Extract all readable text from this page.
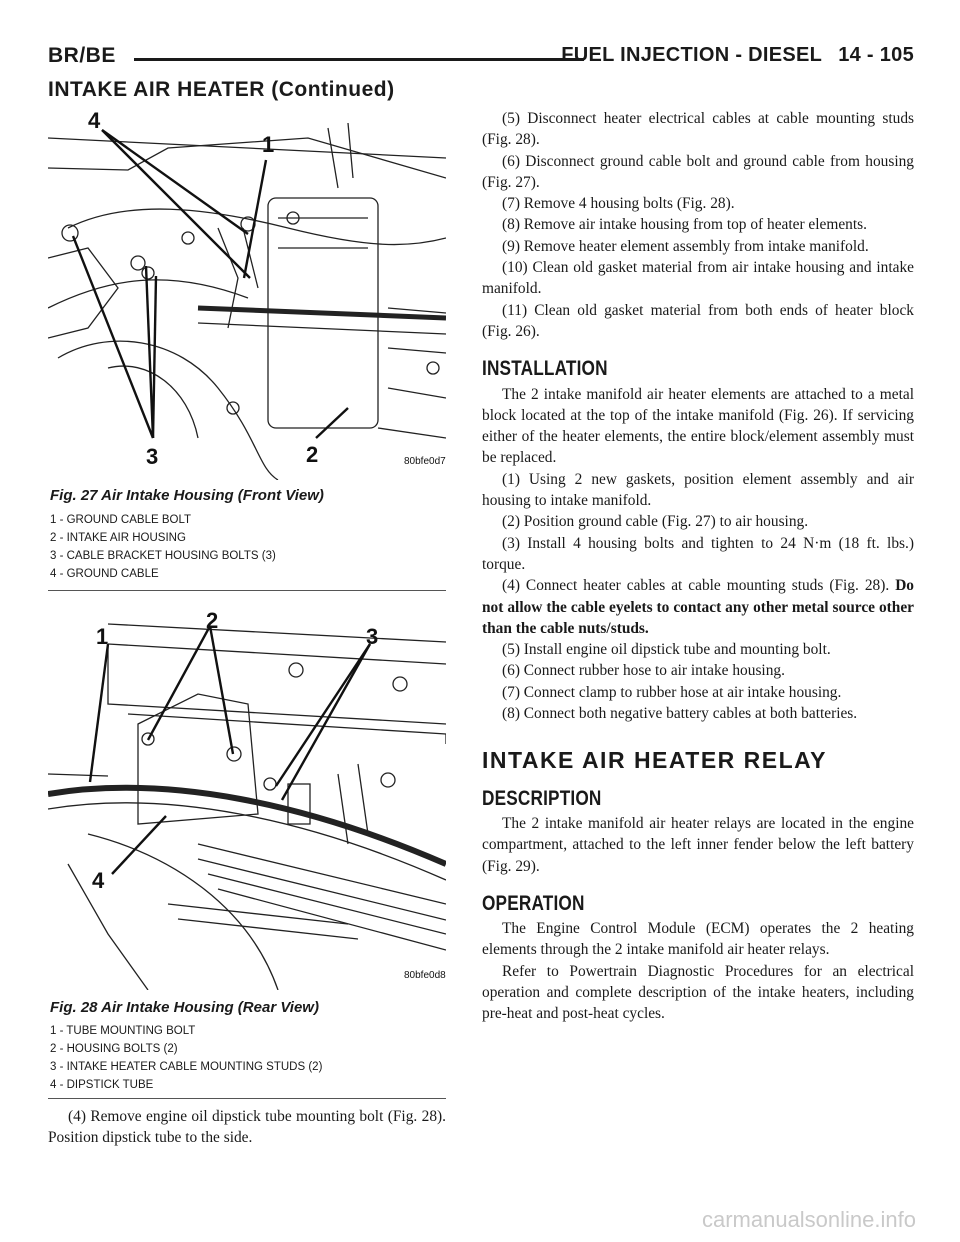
BR/BE	FUEL INJECTION - DIESEL 14 - 105
INTAKE AIR HEATER (Continued)
4
1
3	2	80bfe0d7
Fig. 27 Air Intake Housing (Front View)
1 - GROUND CABLE BOLT
2 - INTAKE AIR HOUSING
3 - CABLE BRACKET HOUSING BOLTS (3)
4 - GROUND CABLE
1
2
3
4
80bfe0d8
Fig. 28 Air Intake Housing (Rear View)
1 - TUBE MOUNTING BOLT
2 - HOUSING BOLTS (2)
3 - INTAKE HEATER CABLE MOUNTING STUDS (2)
4 - DIPSTICK TUBE

(4) Remove engine oil dipstick tube mounting bolt (Fig. 28). Position dipstick tube to the side.

(5) Disconnect heater electrical cables at cable mounting studs (Fig. 28).

(6) Disconnect ground cable bolt and ground cable from housing (Fig. 27).

(7) Remove 4 housing bolts (Fig. 28).

(8) Remove air intake housing from top of heater elements.

(9) Remove heater element assembly from intake manifold.

(10) Clean old gasket material from air intake housing and intake manifold.

(11) Clean old gasket material from both ends of heater block (Fig. 26).

INSTALLATION

The 2 intake manifold air heater elements are attached to a metal block located at the top of the intake manifold (Fig. 26). If servicing either of the heater elements, the entire block/element assembly must be replaced.

(1) Using 2 new gaskets, position element assembly and air housing to intake manifold.

(2) Position ground cable (Fig. 27) to air housing.

(3) Install 4 housing bolts and tighten to 24 N·m (18 ft. lbs.) torque.

(4) Connect heater cables at cable mounting studs (Fig. 28). Do not allow the cable eyelets to contact any other metal source other than the cable nuts/studs.

(5) Install engine oil dipstick tube and mounting bolt.

(6) Connect rubber hose to air intake housing.

(7) Connect clamp to rubber hose at air intake housing.

(8) Connect both negative battery cables at both batteries.

INTAKE AIR HEATER RELAY
DESCRIPTION

The 2 intake manifold air heater relays are located in the engine compartment, attached to the left inner fender below the left battery (Fig. 29).

OPERATION

The Engine Control Module (ECM) operates the 2 heating elements through the 2 intake manifold air heater relays.

Refer to Powertrain Diagnostic Procedures for an electrical operation and complete description of the intake heaters, including pre-heat and post-heat cycles.

carmanualsonline.info
